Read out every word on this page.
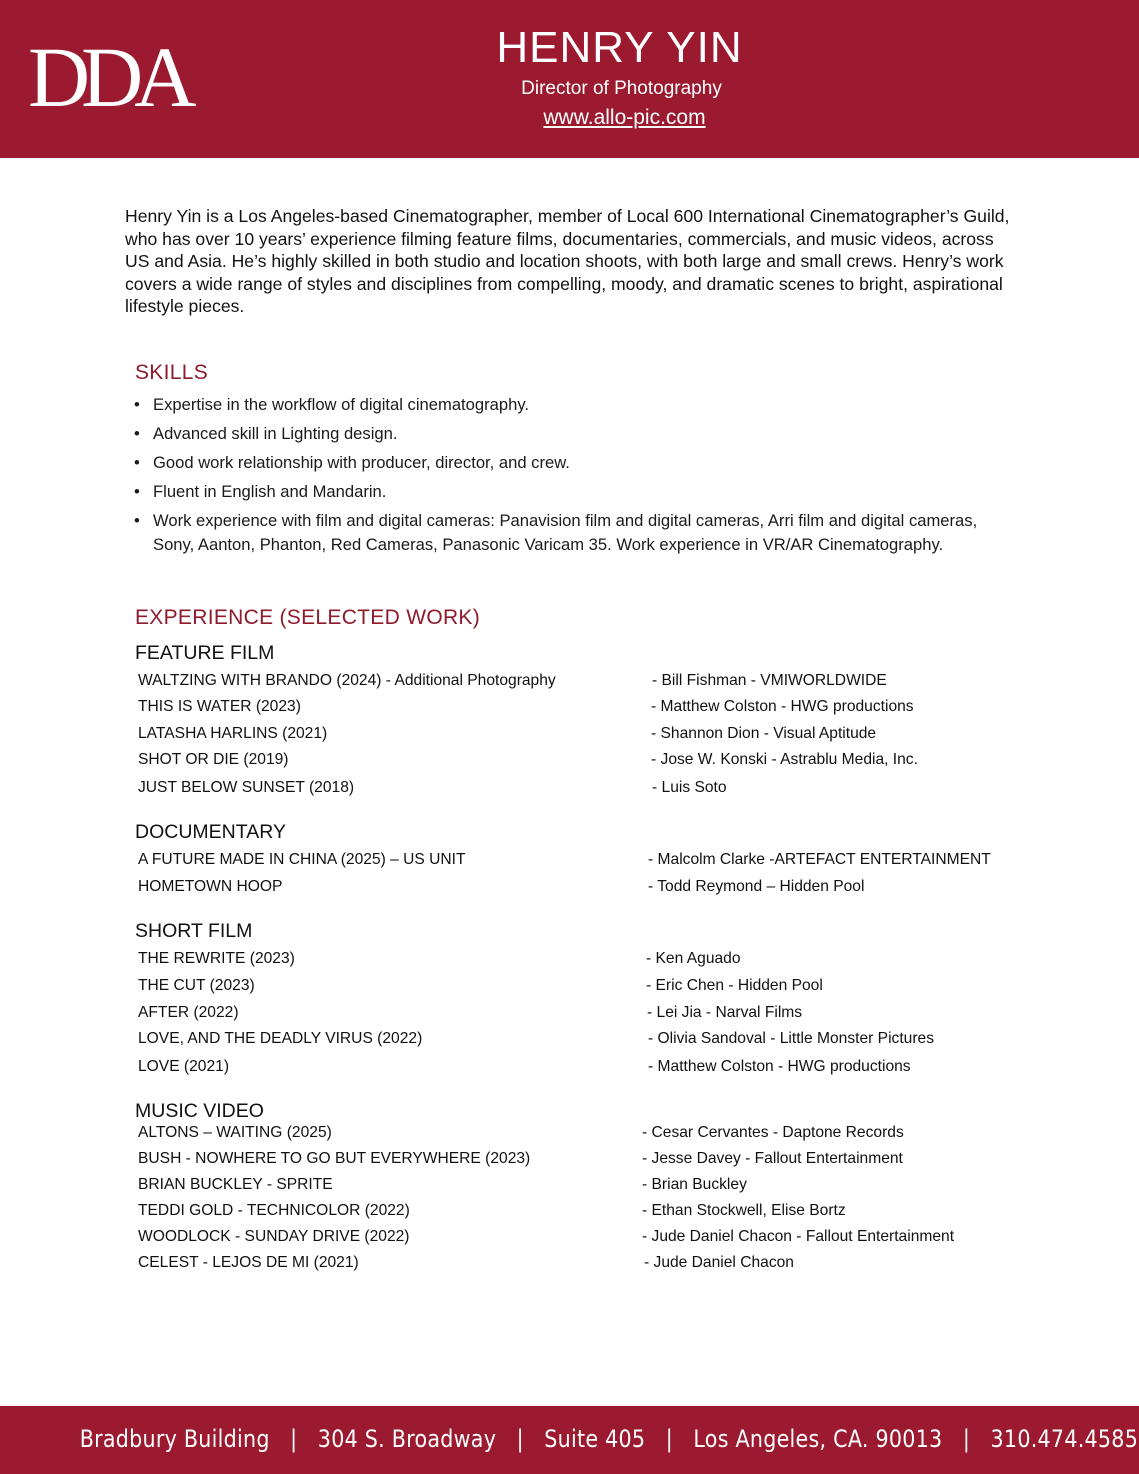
DDA	HENRY YIN
Director of Photography
www.allo-pic.com
Henry Yin is a Los Angeles-based Cinematographer, member of Local 600 International Cinematographer’s Guild, who has over 10 years’ experience filming feature films, documentaries, commercials, and music videos, across US and Asia. He’s highly skilled in both studio and location shoots, with both large and small crews. Henry’s work covers a wide range of styles and disciplines from compelling, moody, and dramatic scenes to bright, aspirational lifestyle pieces.
SKILLS
• Expertise in the workflow of digital cinematography.
• Advanced skill in Lighting design.
• Good work relationship with producer, director, and crew.
• Fluent in English and Mandarin.
• Work experience with film and digital cameras: Panavision film and digital cameras, Arri film and digital cameras, Sony, Aanton, Phanton, Red Cameras, Panasonic Varicam 35. Work experience in VR/AR Cinematography.
EXPERIENCE (SELECTED WORK)
FEATURE FILM
WALTZING WITH BRANDO (2024) - Additional Photography	- Bill Fishman - VMIWORLDWIDE
THIS IS WATER (2023)	- Matthew Colston - HWG productions
LATASHA HARLINS (2021)	- Shannon Dion - Visual Aptitude
SHOT OR DIE (2019)	- Jose W. Konski - Astrablu Media, Inc.
JUST BELOW SUNSET (2018)	- Luis Soto
DOCUMENTARY
A FUTURE MADE IN CHINA (2025) – US UNIT	- Malcolm Clarke -ARTEFACT ENTERTAINMENT
HOMETOWN HOOP	- Todd Reymond – Hidden Pool
SHORT FILM
THE REWRITE (2023)	- Ken Aguado
THE CUT (2023)	- Eric Chen - Hidden Pool
AFTER (2022)	- Lei Jia - Narval Films
LOVE, AND THE DEADLY VIRUS (2022)	- Olivia Sandoval - Little Monster Pictures
LOVE (2021)	- Matthew Colston - HWG productions
MUSIC VIDEO
ALTONS – WAITING (2025)	- Cesar Cervantes - Daptone Records
BUSH - NOWHERE TO GO BUT EVERYWHERE (2023)	- Jesse Davey - Fallout Entertainment
BRIAN BUCKLEY - SPRITE	- Brian Buckley
TEDDI GOLD - TECHNICOLOR (2022)	- Ethan Stockwell, Elise Bortz
WOODLOCK - SUNDAY DRIVE (2022)	- Jude Daniel Chacon - Fallout Entertainment
CELEST - LEJOS DE MI (2021)	- Jude Daniel Chacon
Bradbury Building   |   304 S. Broadway   |   Suite 405   |   Los Angeles, CA. 90013   |   310.474.4585
